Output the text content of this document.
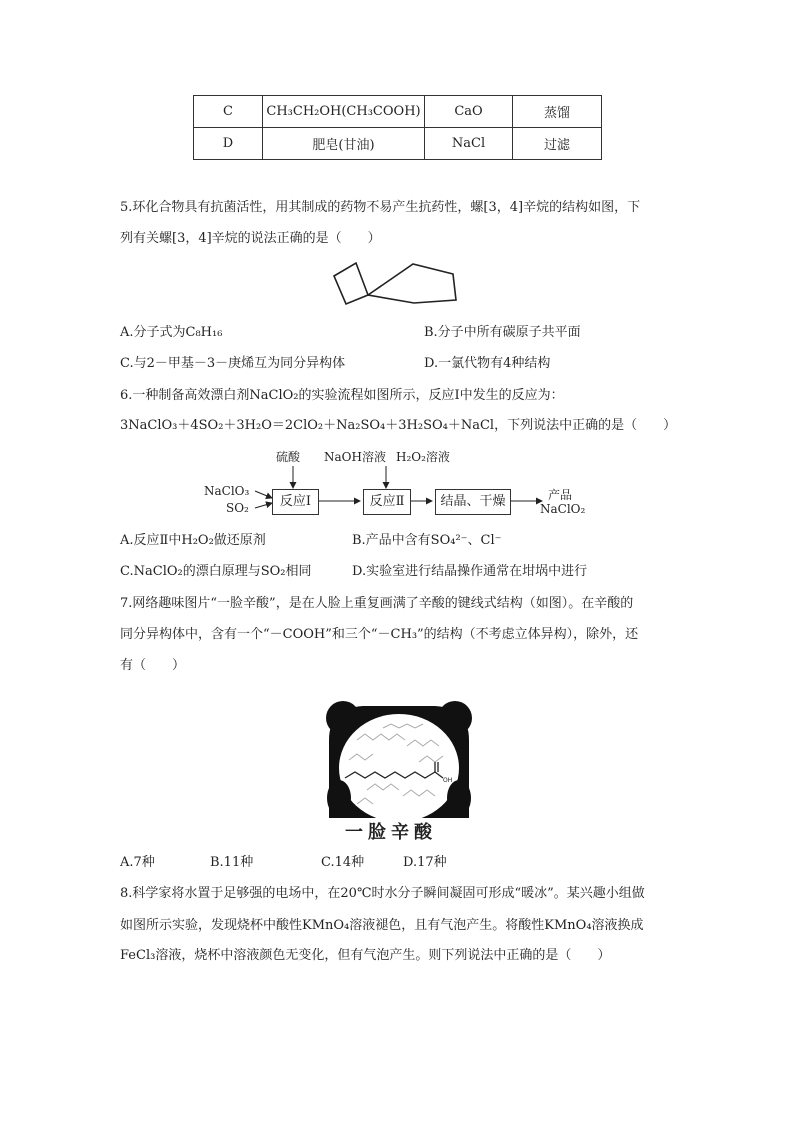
C	CH₃CH₂OH(CH₃COOH)	CaO	蒸馏
D	肥皂(甘油)	NaCl	过滤
5.环化合物具有抗菌活性，用其制成的药物不易产生抗药性，螺[3，4]辛烷的结构如图，下
列有关螺[3，4]辛烷的说法正确的是（　　）
A.分子式为C₈H₁₆	B.分子中所有碳原子共平面
C.与2－甲基－3－庚烯互为同分异构体	D.一氯代物有4种结构
6.一种制备高效漂白剂NaClO₂的实验流程如图所示，反应Ⅰ中发生的反应为：
3NaClO₃＋4SO₂＋3H₂O＝2ClO₂＋Na₂SO₄＋3H₂SO₄＋NaCl，下列说法中正确的是（　　）
硫酸 NaOH溶液 H₂O₂溶液
NaClO₃
SO₂	反应Ⅰ	反应Ⅱ	结晶、干燥	产品
NaClO₂
A.反应Ⅱ中H₂O₂做还原剂	B.产品中含有SO₄²⁻、Cl⁻
C.NaClO₂的漂白原理与SO₂相同	D.实验室进行结晶操作通常在坩埚中进行
7.网络趣味图片“一脸辛酸”，是在人脸上重复画满了辛酸的键线式结构（如图）。在辛酸的
同分异构体中，含有一个“－COOH”和三个“－CH₃”的结构（不考虑立体异构），除外，还
有（　　）
OH
一脸辛酸
A.7种	B.11种	C.14种	D.17种
8.科学家将水置于足够强的电场中，在20℃时水分子瞬间凝固可形成“暖冰”。某兴趣小组做
如图所示实验，发现烧杯中酸性KMnO₄溶液褪色，且有气泡产生。将酸性KMnO₄溶液换成
FeCl₃溶液，烧杯中溶液颜色无变化，但有气泡产生。则下列说法中正确的是（　　）
